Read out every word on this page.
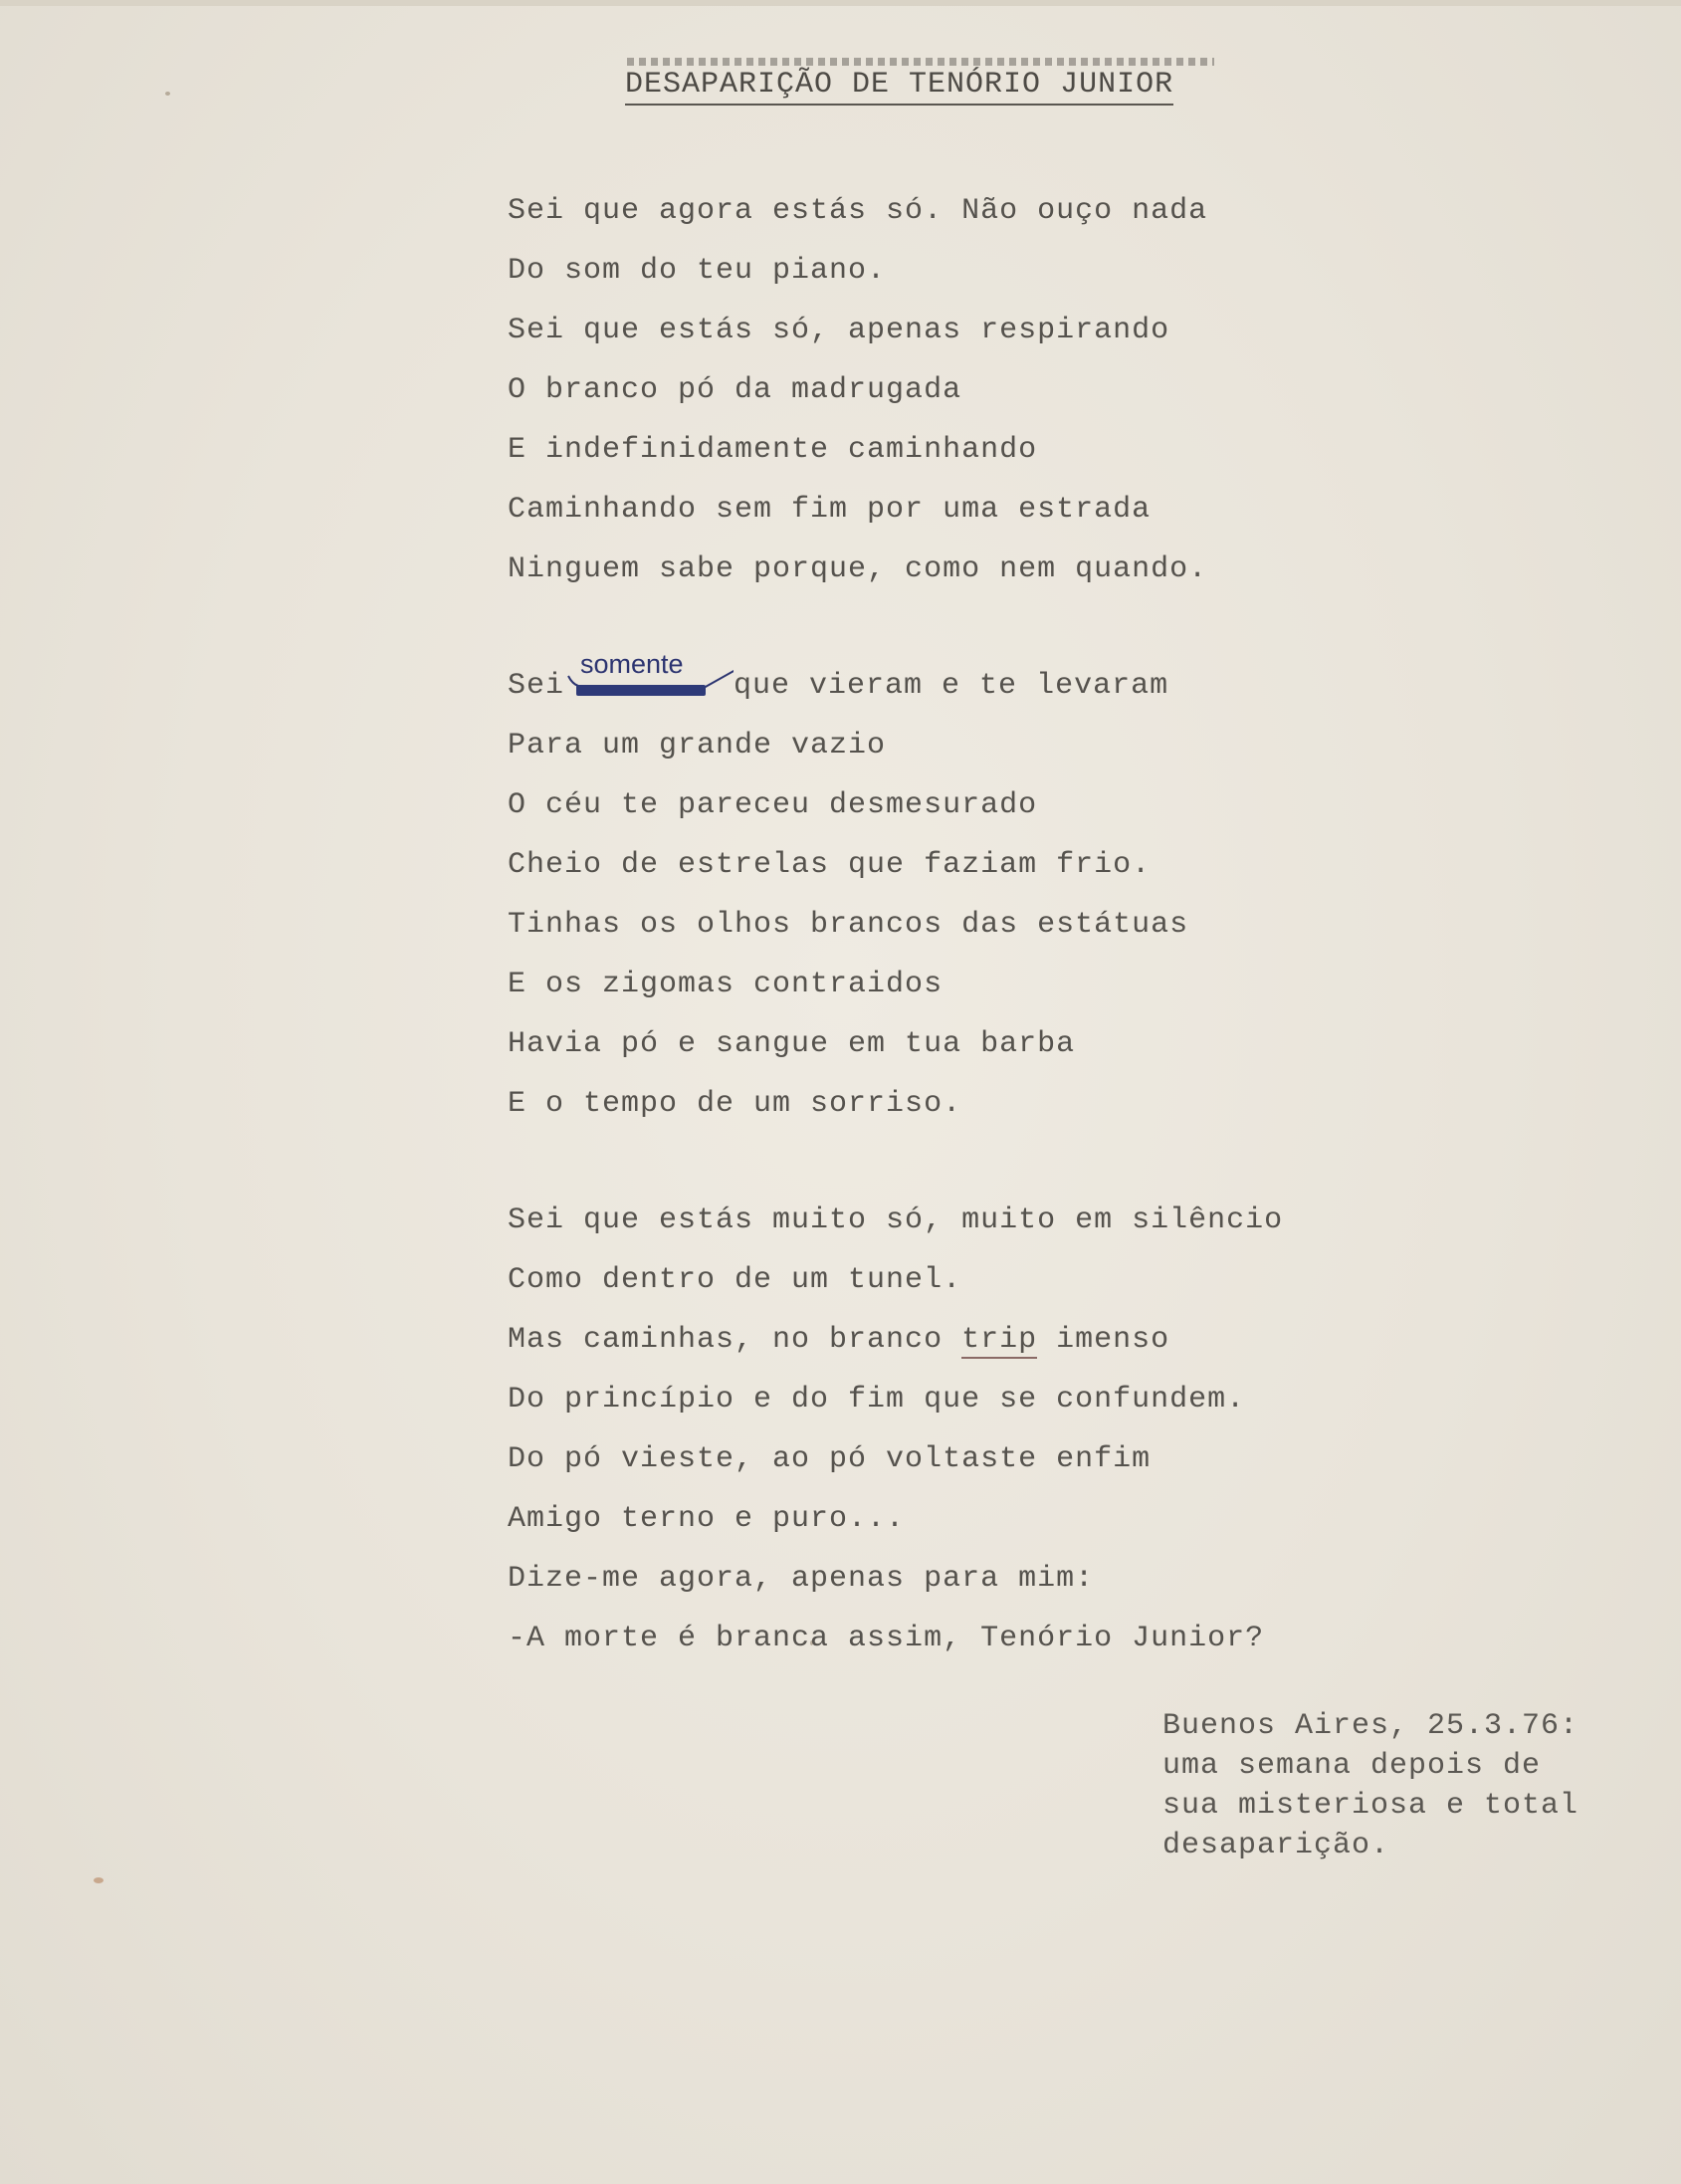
DESAPARIÇÃO DE TENÓRIO JUNIOR
Sei que agora estás só. Não ouço nada
Do som do teu piano.
Sei que estás só, apenas respirando
O branco pó da madrugada
E indefinidamente caminhando
Caminhando sem fim por uma estrada
Ninguem sabe porque, como nem quando.
Sei
somente
que vieram e te levaram
Para um grande vazio
O céu te pareceu desmesurado
Cheio de estrelas que faziam frio.
Tinhas os olhos brancos das estátuas
E os zigomas contraidos
Havia pó e sangue em tua barba
E o tempo de um sorriso.
Sei que estás muito só, muito em silêncio
Como dentro de um tunel.
Mas caminhas, no branco trip imenso
Do princípio e do fim que se confundem.
Do pó vieste, ao pó voltaste enfim
Amigo terno e puro...
Dize-me agora, apenas para mim:
-A morte é branca assim, Tenório Junior?
Buenos Aires, 25.3.76:
uma semana depois de
sua misteriosa e total
desaparição.
